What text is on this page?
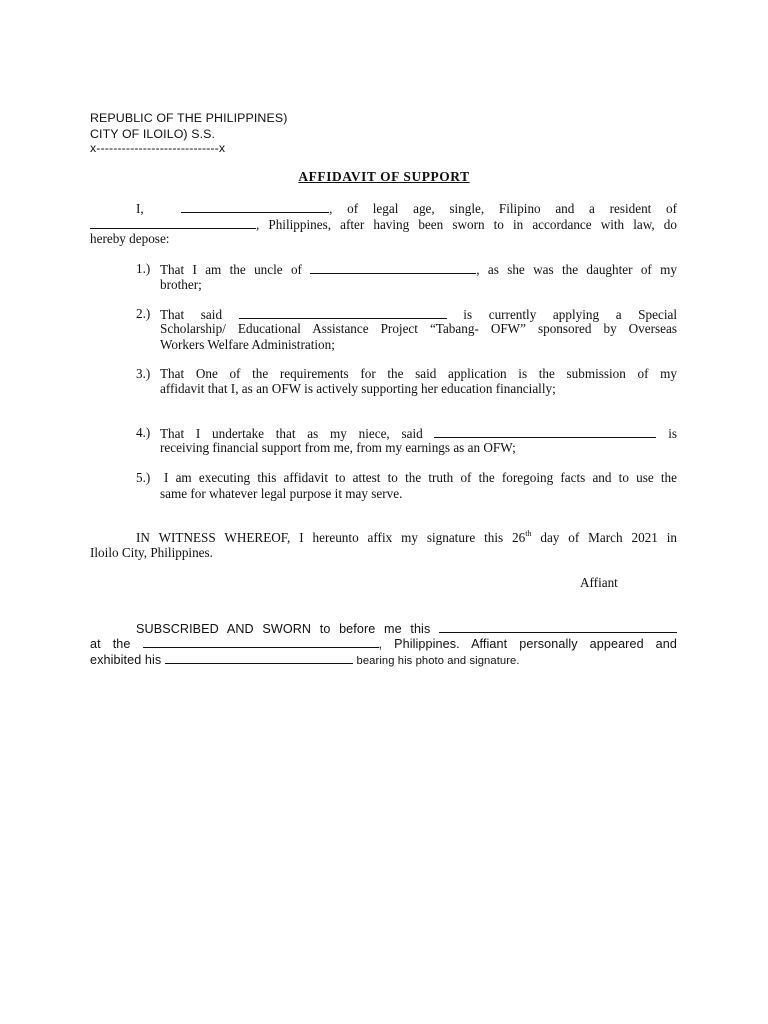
REPUBLIC OF THE PHILIPPINES)
CITY OF ILOILO) S.S.
x-----------------------------x
AFFIDAVIT OF SUPPORT
I,	, of legal age, single, Filipino and a resident of
, Philippines, after having been sworn to in accordance with law, do
hereby depose:
1.) That I am the uncle of	, as she was the daughter of my
brother;
2.) That said	is currently applying a Special
Scholarship/ Educational Assistance Project “Tabang- OFW” sponsored by Overseas
Workers Welfare Administration;
3.) That One of the requirements for the said application is the submission of my
affidavit that I, as an OFW is actively supporting her education financially;
4.) That I undertake that as my niece, said	is
receiving financial support from me, from my earnings as an OFW;
5.) I am executing this affidavit to attest to the truth of the foregoing facts and to use the
same for whatever legal purpose it may serve.
IN WITNESS WHEREOF, I hereunto affix my signature this 26th day of March 2021 in
Iloilo City, Philippines.
Affiant
SUBSCRIBED AND SWORN to before me this
at the	, Philippines. Affiant personally appeared and
exhibited his	bearing his photo and signature.
